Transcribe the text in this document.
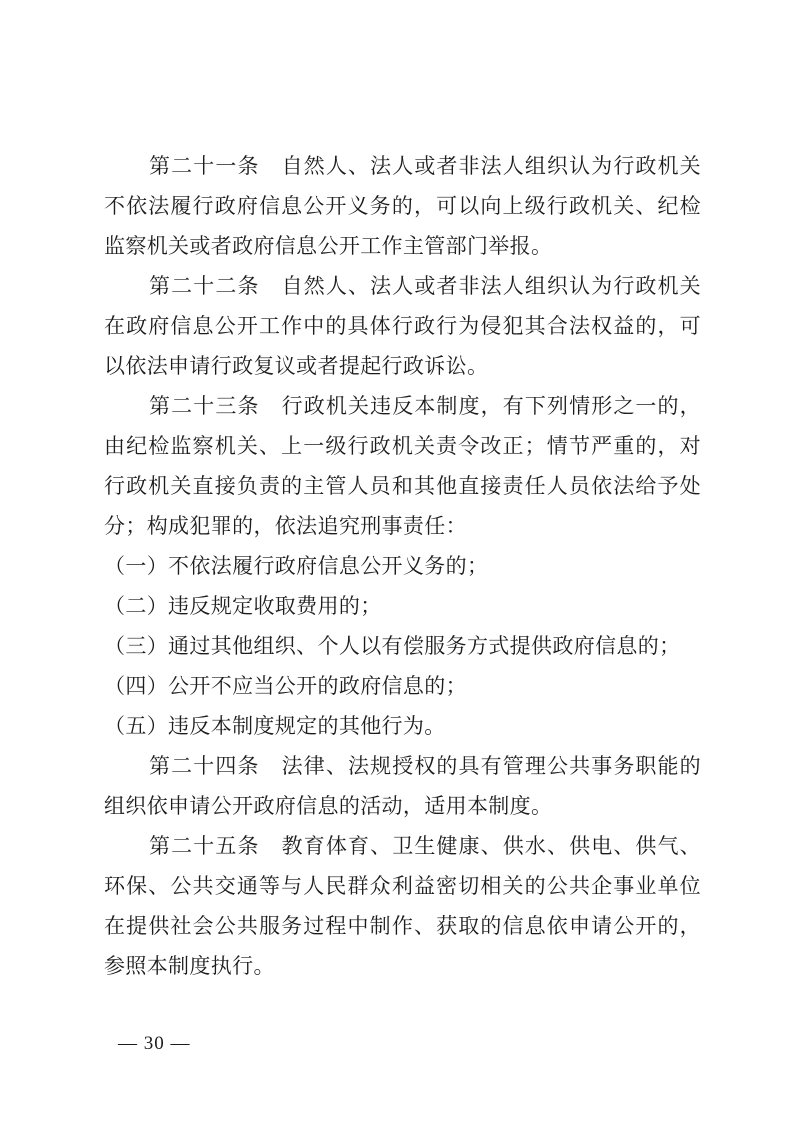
第二十一条　自然人、法人或者非法人组织认为行政机关不依法履行政府信息公开义务的，可以向上级行政机关、纪检监察机关或者政府信息公开工作主管部门举报。

第二十二条　自然人、法人或者非法人组织认为行政机关在政府信息公开工作中的具体行政行为侵犯其合法权益的，可以依法申请行政复议或者提起行政诉讼。

第二十三条　行政机关违反本制度，有下列情形之一的，由纪检监察机关、上一级行政机关责令改正；情节严重的，对行政机关直接负责的主管人员和其他直接责任人员依法给予处分；构成犯罪的，依法追究刑事责任：

（一）不依法履行政府信息公开义务的；

（二）违反规定收取费用的；

（三）通过其他组织、个人以有偿服务方式提供政府信息的；

（四）公开不应当公开的政府信息的；

（五）违反本制度规定的其他行为。

第二十四条　法律、法规授权的具有管理公共事务职能的组织依申请公开政府信息的活动，适用本制度。

第二十五条　教育体育、卫生健康、供水、供电、供气、环保、公共交通等与人民群众利益密切相关的公共企事业单位在提供社会公共服务过程中制作、获取的信息依申请公开的，参照本制度执行。

— 30 —
